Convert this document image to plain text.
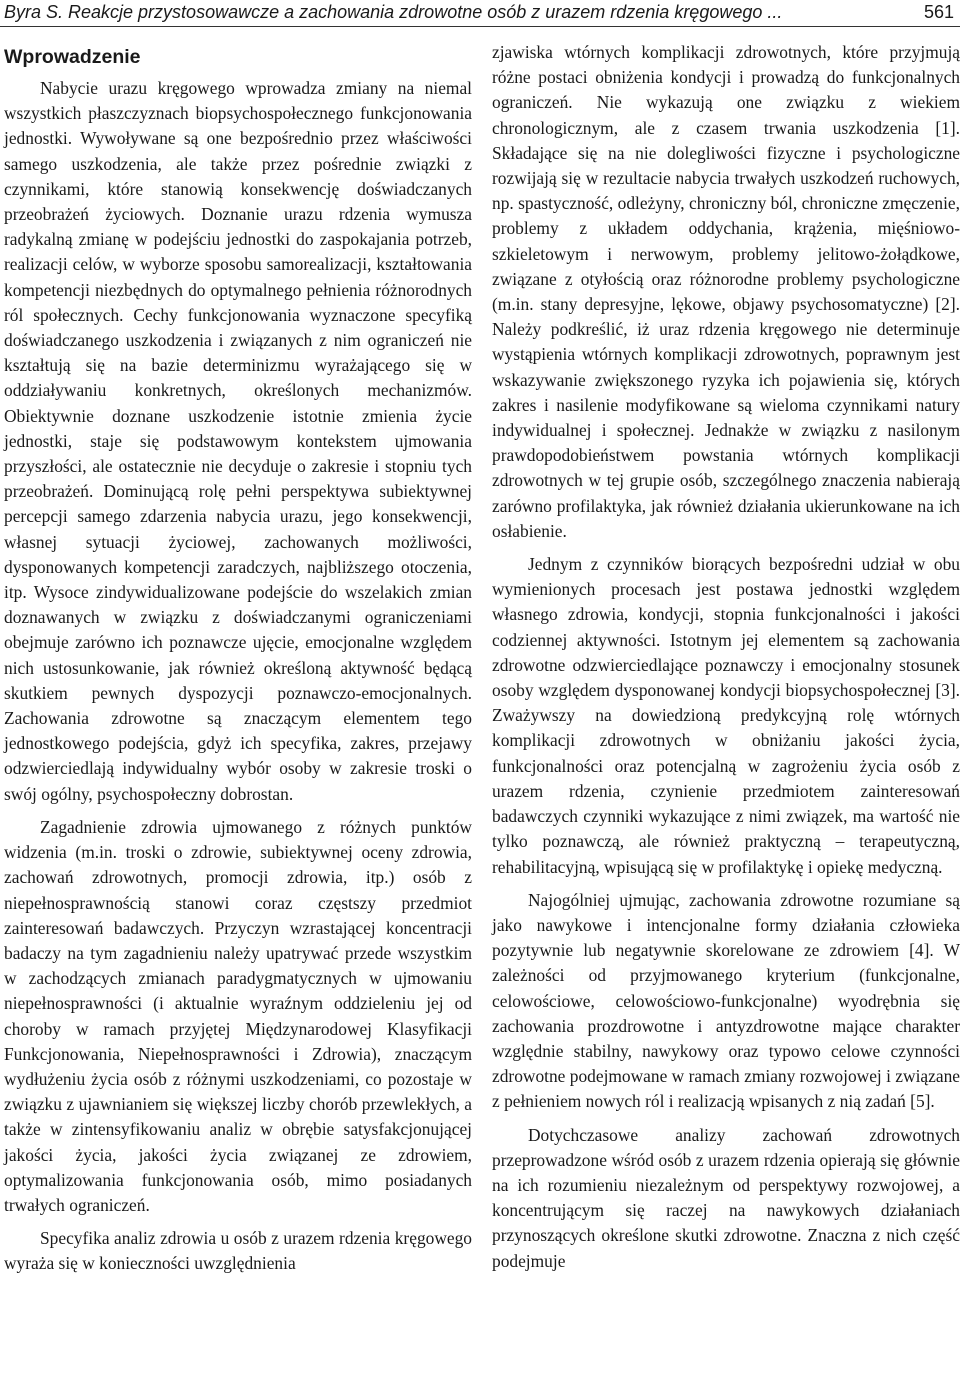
Byra S. Reakcje przystosowawcze a zachowania zdrowotne osób z urazem rdzenia kręgowego ...	561
Wprowadzenie

Nabycie urazu kręgowego wprowadza zmiany na niemal wszystkich płaszczyznach biopsychospołecznego funkcjonowania jednostki. Wywoływane są one bezpośrednio przez właściwości samego uszkodzenia, ale także przez pośrednie związki z czynnikami, które stanowią konsekwencję doświadczanych przeobrażeń życiowych. Doznanie urazu rdzenia wymusza radykalną zmianę w podejściu jednostki do zaspokajania potrzeb, realizacji celów, w wyborze sposobu samorealizacji, kształtowania kompetencji niezbędnych do optymalnego pełnienia różnorodnych ról społecznych. Cechy funkcjonowania wyznaczone specyfiką doświadczanego uszkodzenia i związanych z nim ograniczeń nie kształtują się na bazie determinizmu wyrażającego się w oddziaływaniu konkretnych, określonych mechanizmów. Obiektywnie doznane uszkodzenie istotnie zmienia życie jednostki, staje się podstawowym kontekstem ujmowania przyszłości, ale ostatecznie nie decyduje o zakresie i stopniu tych przeobrażeń. Dominującą rolę pełni perspektywa subiektywnej percepcji samego zdarzenia nabycia urazu, jego konsekwencji, własnej sytuacji życiowej, zachowanych możliwości, dysponowanych kompetencji zaradczych, najbliższego otoczenia, itp. Wysoce zindywidualizowane podejście do wszelakich zmian doznawanych w związku z doświadczanymi ograniczeniami obejmuje zarówno ich poznawcze ujęcie, emocjonalne względem nich ustosunkowanie, jak również określoną aktywność będącą skutkiem pewnych dyspozycji poznawczo-emocjonalnych. Zachowania zdrowotne są znaczącym elementem tego jednostkowego podejścia, gdyż ich specyfika, zakres, przejawy odzwierciedlają indywidualny wybór osoby w zakresie troski o swój ogólny, psychospołeczny dobrostan.

Zagadnienie zdrowia ujmowanego z różnych punktów widzenia (m.in. troski o zdrowie, subiektywnej oceny zdrowia, zachowań zdrowotnych, promocji zdrowia, itp.) osób z niepełnosprawnością stanowi coraz częstszy przedmiot zainteresowań badawczych. Przyczyn wzrastającej koncentracji badaczy na tym zagadnieniu należy upatrywać przede wszystkim w zachodzących zmianach paradygmatycznych w ujmowaniu niepełnosprawności (i aktualnie wyraźnym oddzieleniu jej od choroby w ramach przyjętej Międzynarodowej Klasyfikacji Funkcjonowania, Niepełnosprawności i Zdrowia), znaczącym wydłużeniu życia osób z różnymi uszkodzeniami, co pozostaje w związku z ujawnianiem się większej liczby chorób przewlekłych, a także w zintensyfikowaniu analiz w obrębie satysfakcjonującej jakości życia, jakości życia związanej ze zdrowiem, optymalizowania funkcjonowania osób, mimo posiadanych trwałych ograniczeń.

Specyfika analiz zdrowia u osób z urazem rdzenia kręgowego wyraża się w konieczności uwzględnienia

zjawiska wtórnych komplikacji zdrowotnych, które przyjmują różne postaci obniżenia kondycji i prowadzą do funkcjonalnych ograniczeń. Nie wykazują one związku z wiekiem chronologicznym, ale z czasem trwania uszkodzenia [1]. Składające się na nie dolegliwości fizyczne i psychologiczne rozwijają się w rezultacie nabycia trwałych uszkodzeń ruchowych, np. spastyczność, odleżyny, chroniczny ból, chroniczne zmęczenie, problemy z układem oddychania, krążenia, mięśniowo-szkieletowym i nerwowym, problemy jelitowo-żołądkowe, związane z otyłością oraz różnorodne problemy psychologiczne (m.in. stany depresyjne, lękowe, objawy psychosomatyczne) [2]. Należy podkreślić, iż uraz rdzenia kręgowego nie determinuje wystąpienia wtórnych komplikacji zdrowotnych, poprawnym jest wskazywanie zwiększonego ryzyka ich pojawienia się, których zakres i nasilenie modyfikowane są wieloma czynnikami natury indywidualnej i społecznej. Jednakże w związku z nasilonym prawdopodobieństwem powstania wtórnych komplikacji zdrowotnych w tej grupie osób, szczególnego znaczenia nabierają zarówno profilaktyka, jak również działania ukierunkowane na ich osłabienie.

Jednym z czynników biorących bezpośredni udział w obu wymienionych procesach jest postawa jednostki względem własnego zdrowia, kondycji, stopnia funkcjonalności i jakości codziennej aktywności. Istotnym jej elementem są zachowania zdrowotne odzwierciedlające poznawczy i emocjonalny stosunek osoby względem dysponowanej kondycji biopsychospołecznej [3]. Zważywszy na dowiedzioną predykcyjną rolę wtórnych komplikacji zdrowotnych w obniżaniu jakości życia, funkcjonalności oraz potencjalną w zagrożeniu życia osób z urazem rdzenia, czynienie przedmiotem zainteresowań badawczych czynniki wykazujące z nimi związek, ma wartość nie tylko poznawczą, ale również praktyczną – terapeutyczną, rehabilitacyjną, wpisującą się w profilaktykę i opiekę medyczną.

Najogólniej ujmując, zachowania zdrowotne rozumiane są jako nawykowe i intencjonalne formy działania człowieka pozytywnie lub negatywnie skorelowane ze zdrowiem [4]. W zależności od przyjmowanego kryterium (funkcjonalne, celowościowe, celowościowo-funkcjonalne) wyodrębnia się zachowania prozdrowotne i antyzdrowotne mające charakter względnie stabilny, nawykowy oraz typowo celowe czynności zdrowotne podejmowane w ramach zmiany rozwojowej i związane z pełnieniem nowych ról i realizacją wpisanych z nią zadań [5].

Dotychczasowe analizy zachowań zdrowotnych przeprowadzone wśród osób z urazem rdzenia opierają się głównie na ich rozumieniu niezależnym od perspektywy rozwojowej, a koncentrującym się raczej na nawykowych działaniach przynoszących określone skutki zdrowotne. Znaczna z nich część podejmuje
